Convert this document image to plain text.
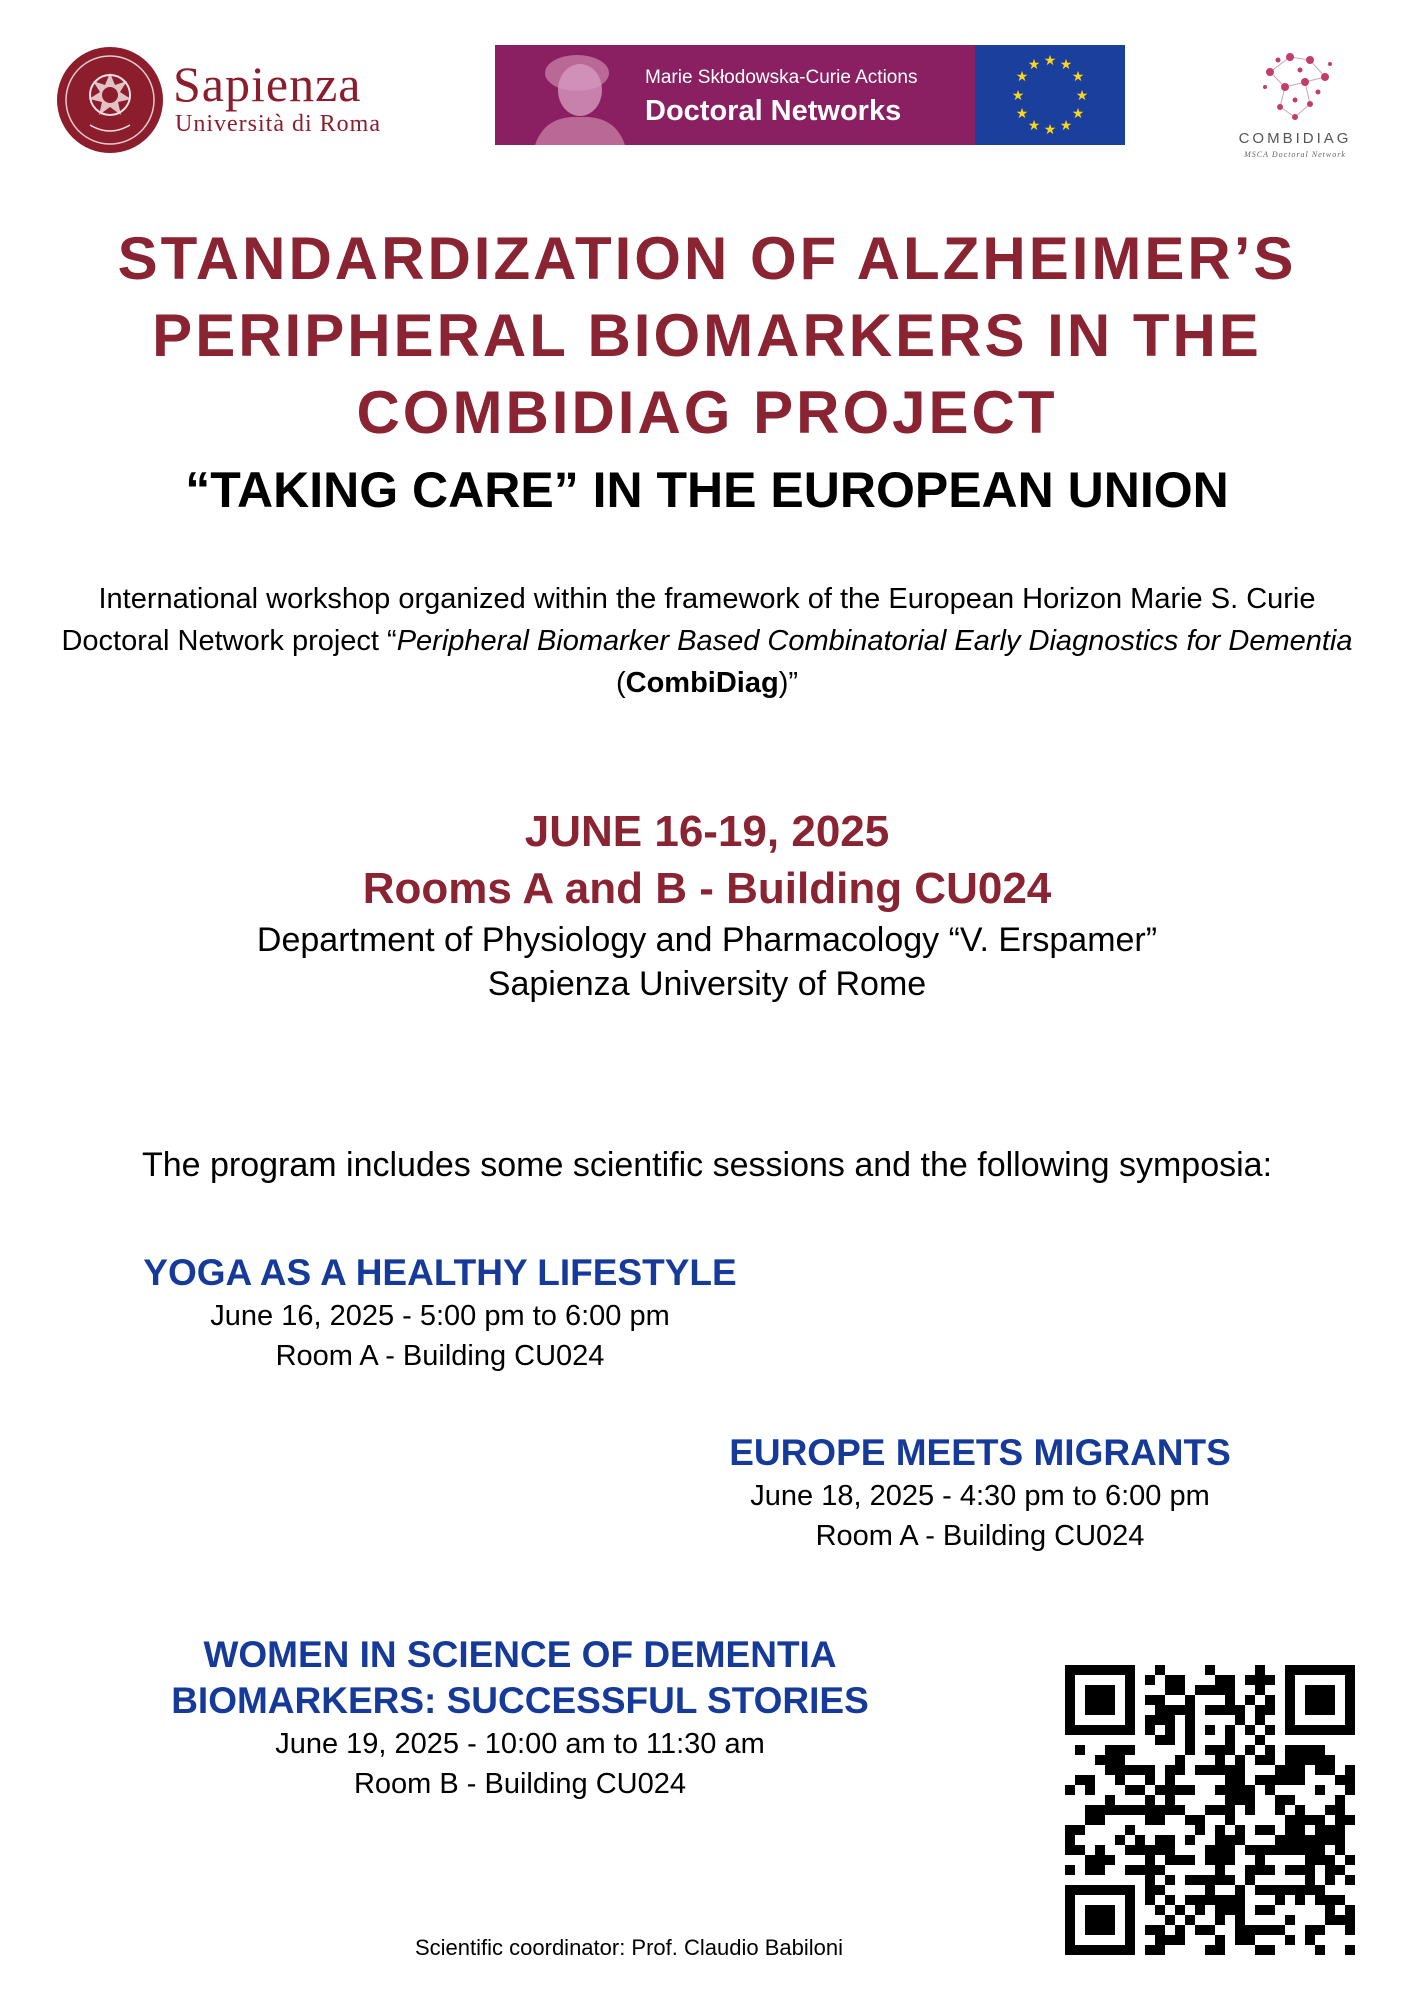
Sapienza
Università di Roma
Marie Skłodowska-Curie Actions
Doctoral Networks
★ ★
★
★
★
★
★
★
★
★
★
★
COMBIDIAG
MSCA Doctoral Network
STANDARDIZATION OF ALZHEIMER’S
PERIPHERAL BIOMARKERS IN THE
COMBIDIAG PROJECT
“TAKING CARE” IN THE EUROPEAN UNION
International workshop organized within the framework of the European Horizon Marie S. Curie Doctoral Network project “Peripheral Biomarker Based Combinatorial Early Diagnostics for Dementia (CombiDiag)”
JUNE 16-19, 2025
Rooms A and B - Building CU024
Department of Physiology and Pharmacology “V. Erspamer”
Sapienza University of Rome
The program includes some scientific sessions and the following symposia:
YOGA AS A HEALTHY LIFESTYLE
June 16, 2025 - 5:00 pm to 6:00 pm
Room A - Building CU024
EUROPE MEETS MIGRANTS
June 18, 2025 - 4:30 pm to 6:00 pm
Room A - Building CU024
WOMEN IN SCIENCE OF DEMENTIA
BIOMARKERS: SUCCESSFUL STORIES
June 19, 2025 - 10:00 am to 11:30 am
Room B - Building CU024
Scientific coordinator: Prof. Claudio Babiloni
